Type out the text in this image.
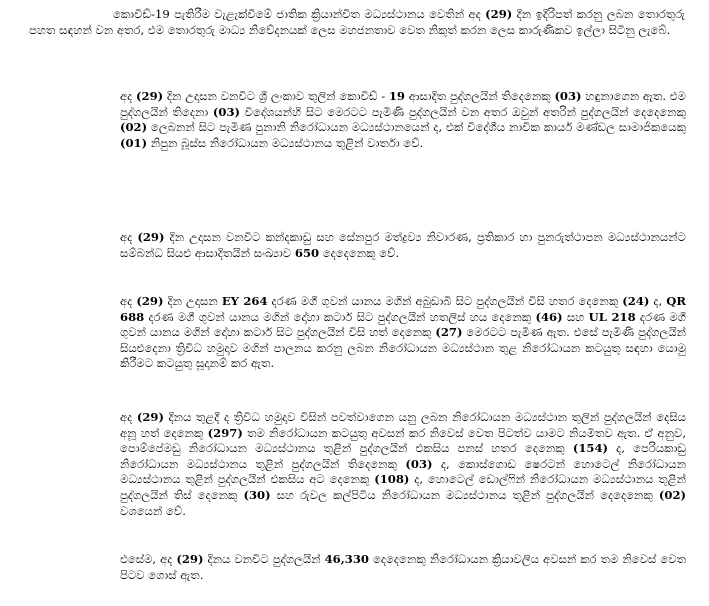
කොවිඩ්-19 පැතිරීම වැළැක්වීමේ ජාතික ක්‍රියාන්විත මධ්‍යස්ථානය වෙතින් අද (29) දින ඉදිරිපත් කරනු ලබන තොරතුරු පහත සඳහන් වන අතර, එම තොරතුරු මාධ්‍ය නිවේදනයක් ලෙස මහජනතාව වෙත නිකුත් කරන ලෙස කාරුණිකව ඉල්ලා සිටිනු ලැබේ.

අද (29) දින උදාසන වනවිට ශ්‍රී ලංකාව තුලින් කොවිඩ් - 19 ආසාදිත පුද්ගලයින් තිදෙනෙකු (03) හඳුනාගෙන ඇත. එම පුද්ගලයින් තිදෙනා (03) විදේශයන්හි සිට මෙරටට පැමිණි පුද්ගලයින් වන අතර ඔවුන් අතරින් පුද්ගලයින් දෙදෙනෙකු (02) ලෙබනන් සිට පැමිණ පුනානි නිරෝධායන මධ්‍යස්ථානයෙන් ද, එක් විදේශීය නාවික කාර්ය මණ්ඩල සාමාජිකයෙකු (01) නිපුන බූස්ස නිරෝධායන මධ්‍යස්ථානය තුළින් වාර්තා වේ.

අද (29) දින උදාසන වනවිට කන්දකාඩු සහ සේනපුර මත්ද්‍රව්‍ය නිවාරණ, ප්‍රතිකාර හා පුනරුත්ථාපන මධ්‍යස්ථානයන්ට සම්බන්ධ සියළු ආසාදිතයින් සංඛ්‍යාව 650 දෙදෙනෙකු වේ.

අද (29) දින උදාසන EY 264 දරණ මගී ගුවන් යානය මගින් අබුඩාබි සිට පුද්ගලයින් විසි හතර දෙනෙකු (24) ද, QR 688 දරණ මගී ගුවන් යානය මගින් දෝහා කටාර් සිට පුද්ගලයින් හතලිස් හය දෙනෙකු (46) සහ UL 218 දරණ මගී ගුවන් යානය මගින් දෝහා කටාර් සිට පුද්ගලයින් විසි හත් දෙනෙකු (27) මෙරටට පැමිණ ඇත. එසේ පැමිණි පුද්ගලයින් සියළුදෙනා ත්‍රිවිධ හමුදාව මගින් පාලනය කරනු ලබන නිරෝධායන මධ්‍යස්ථාන තුළ නිරෝධායන කටයුතු සඳහා යොමු කිරීමට කටයුතු සූදානම් කර ඇත.

අද (29) දිනය තුළදී ද ත්‍රිවිධ හමුදාව විසින් පවත්වාගෙන යනු ලබන නිරෝධායන මධ්‍යස්ථාන තුලින් පුද්ගලයින් දෙසිය අනූ හත් දෙනෙකු (297) තම නිරෝධායන කටයුතු අවසන් කර නිවෙස් වෙත පිටත්ව යාමට නියමිතව ඇත. ඒ අනුව, පොම්පේමඩු නිරෝධායන මධ්‍යස්ථානය තුළින් පුද්ගලයින් එකසිය පනස් හතර දෙනෙකු (154) ද, පෙරියකාඩු නිරෝධායන මධ්‍යස්ථානය තුළින් පුද්ගලයින් තිදෙනෙකු (03) ද, කොස්ගොඩ ෂෙරටන් හොටෙල් නිරෝධායන මධ්‍යස්ථානය තුළින් පුද්ගලයින් එකසිය අට දෙනෙකු (108) ද, හොටෙල් ඩොල්ෆින් නිරෝධායන මධ්‍යස්ථානය තුළින් පුද්ගලයින් තිස් දෙනෙකු (30) සහ රුවල කල්පිටිය නිරෝධායන මධ්‍යස්ථානය තුළින් පුද්ගලයින් දෙදෙනෙකු (02) වශයෙන් වේ.

එසේම, අද (29) දිනය වනවිට පුද්ගලයින් 46,330 දෙදෙනෙකු නිරෝධායන ක්‍රියාවලිය අවසන් කර තම නිවෙස් වෙත පිටව ගොස් ඇත.
